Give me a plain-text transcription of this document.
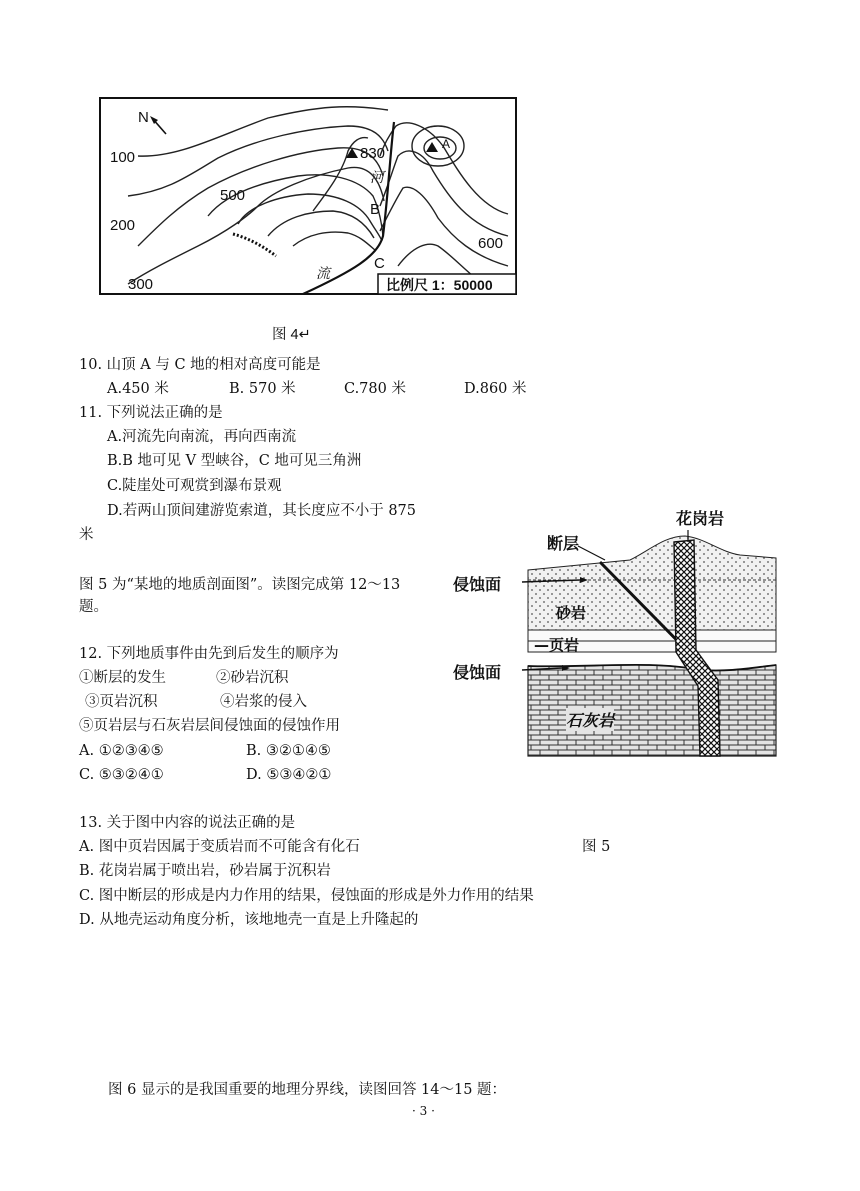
N
830
A
B
C
100
200
300
500
600
河
流
比例尺 1：50000
图 4↵
10. 山顶 A 与 C 地的相对高度可能是
A.450 米	B. 570 米	C.780 米	D.860 米
11. 下列说法正确的是
A.河流先向南流，再向西南流
B.B 地可见 V 型峡谷，C 地可见三角洲
C.陡崖处可观赏到瀑布景观
D.若两山顶间建游览索道，其长度应不小于 875
米
图 5 为“某地的地质剖面图”。读图完成第 12～13
题。
12. 下列地质事件由先到后发生的顺序为
①断层的发生	②砂岩沉积
③页岩沉积	④岩浆的侵入
⑤页岩层与石灰岩层间侵蚀面的侵蚀作用
A. ①②③④⑤	B. ③②①④⑤
C. ⑤③②④①	D. ⑤③④②①
花岗岩
断层
侵蚀面
砂岩
—页岩
侵蚀面
石灰岩
13. 关于图中内容的说法正确的是
A. 图中页岩因属于变质岩而不可能含有化石	图 5
B. 花岗岩属于喷出岩，砂岩属于沉积岩
C. 图中断层的形成是内力作用的结果，侵蚀面的形成是外力作用的结果
D. 从地壳运动角度分析，该地地壳一直是上升隆起的
图 6 显示的是我国重要的地理分界线，读图回答 14～15 题：
· 3 ·
